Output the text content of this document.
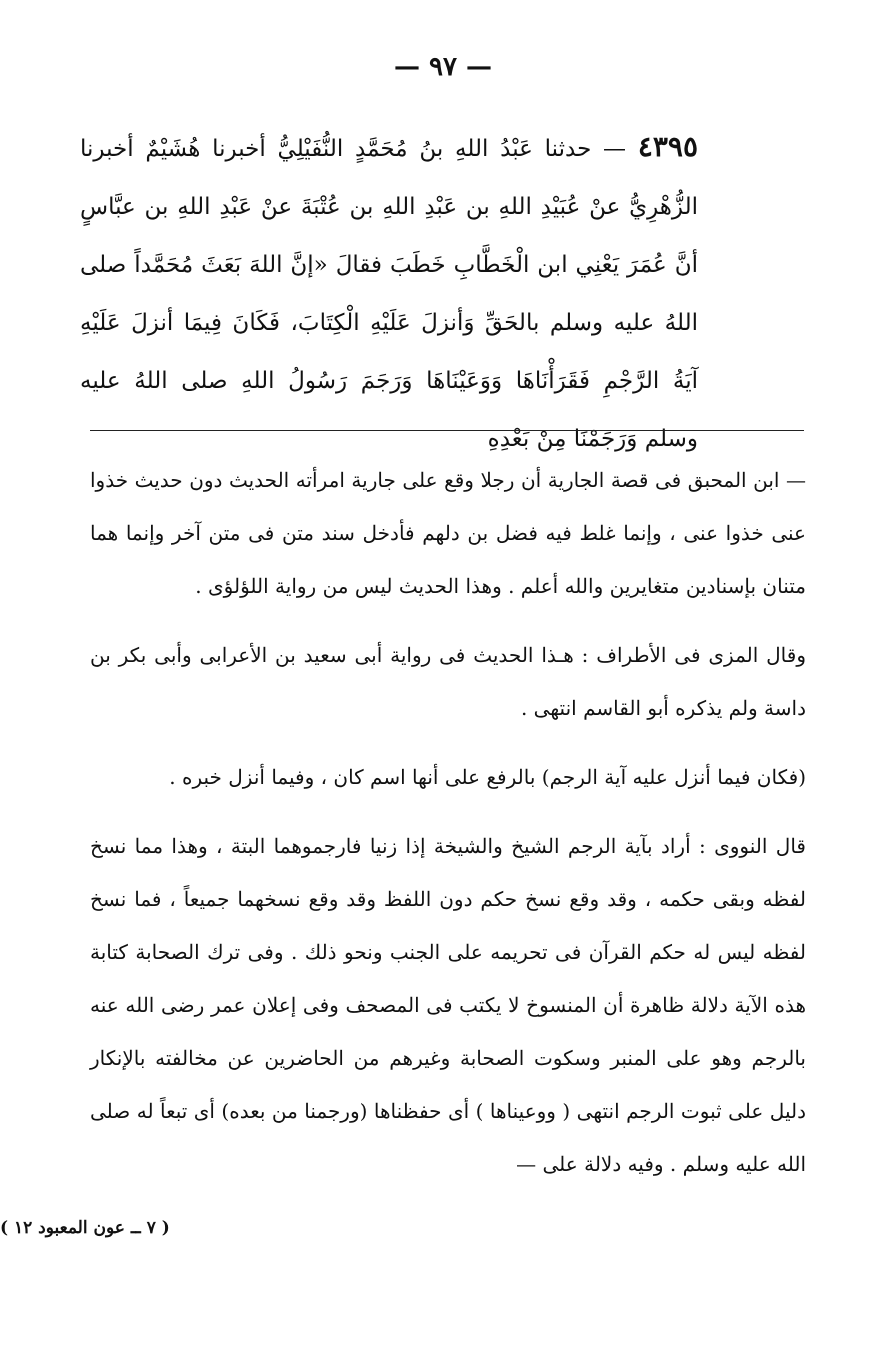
— ٩٧ —
٤٣٩٥ — حدثنا عَبْدُ اللهِ بنُ مُحَمَّدٍ النُّفَيْلِيُّ أخبرنا هُشَيْمٌ أخبرنا الزُّهْرِيُّ عنْ عُبَيْدِ اللهِ بن عَبْدِ اللهِ بن عُتْبَةَ عنْ عَبْدِ اللهِ بن عبَّاسٍ أنَّ عُمَرَ يَعْنِي ابن الْخَطَّابِ خَطَبَ فقالَ «إنَّ اللهَ بَعَثَ مُحَمَّداً صلى اللهُ عليه وسلم بالحَقِّ وَأنزلَ عَلَيْهِ الْكِتَابَ، فَكَانَ فِيمَا أنزلَ عَلَيْهِ آيَةُ الرَّجْمِ فَقَرَأْنَاهَا وَوَعَيْنَاهَا وَرَجَمَ رَسُولُ اللهِ صلى اللهُ عليه وسلم وَرَجَمْنَا مِنْ بَعْدِهِ

— ابن المحبق فى قصة الجارية أن رجلا وقع على جارية امرأته الحديث دون حديث خذوا عنى خذوا عنى ، وإنما غلط فيه فضل بن دلهم فأدخل سند متن فى متن آخر وإنما هما متنان بإسنادين متغايرين والله أعلم . وهذا الحديث ليس من رواية اللؤلؤى .

وقال المزى فى الأطراف : هـذا الحديث فى رواية أبى سعيد بن الأعرابى وأبى بكر بن داسة ولم يذكره أبو القاسم انتهى .

(فكان فيما أنزل عليه آية الرجم) بالرفع على أنها اسم كان ، وفيما أنزل خبره .

قال النووى : أراد بآية الرجم الشيخ والشيخة إذا زنيا فارجموهما البتة ، وهذا مما نسخ لفظه وبقى حكمه ، وقد وقع نسخ حكم دون اللفظ وقد وقع نسخهما جميعاً ، فما نسخ لفظه ليس له حكم القرآن فى تحريمه على الجنب ونحو ذلك . وفى ترك الصحابة كتابة هذه الآية دلالة ظاهرة أن المنسوخ لا يكتب فى المصحف وفى إعلان عمر رضى الله عنه بالرجم وهو على المنبر وسكوت الصحابة وغيرهم من الحاضرين عن مخالفته بالإنكار دليل على ثبوت الرجم انتهى ( ووعيناها ) أى حفظناها (ورجمنا من بعده) أى تبعاً له صلى الله عليه وسلم . وفيه دلالة على —

( ٧ ــ عون المعبود ١٢ )
